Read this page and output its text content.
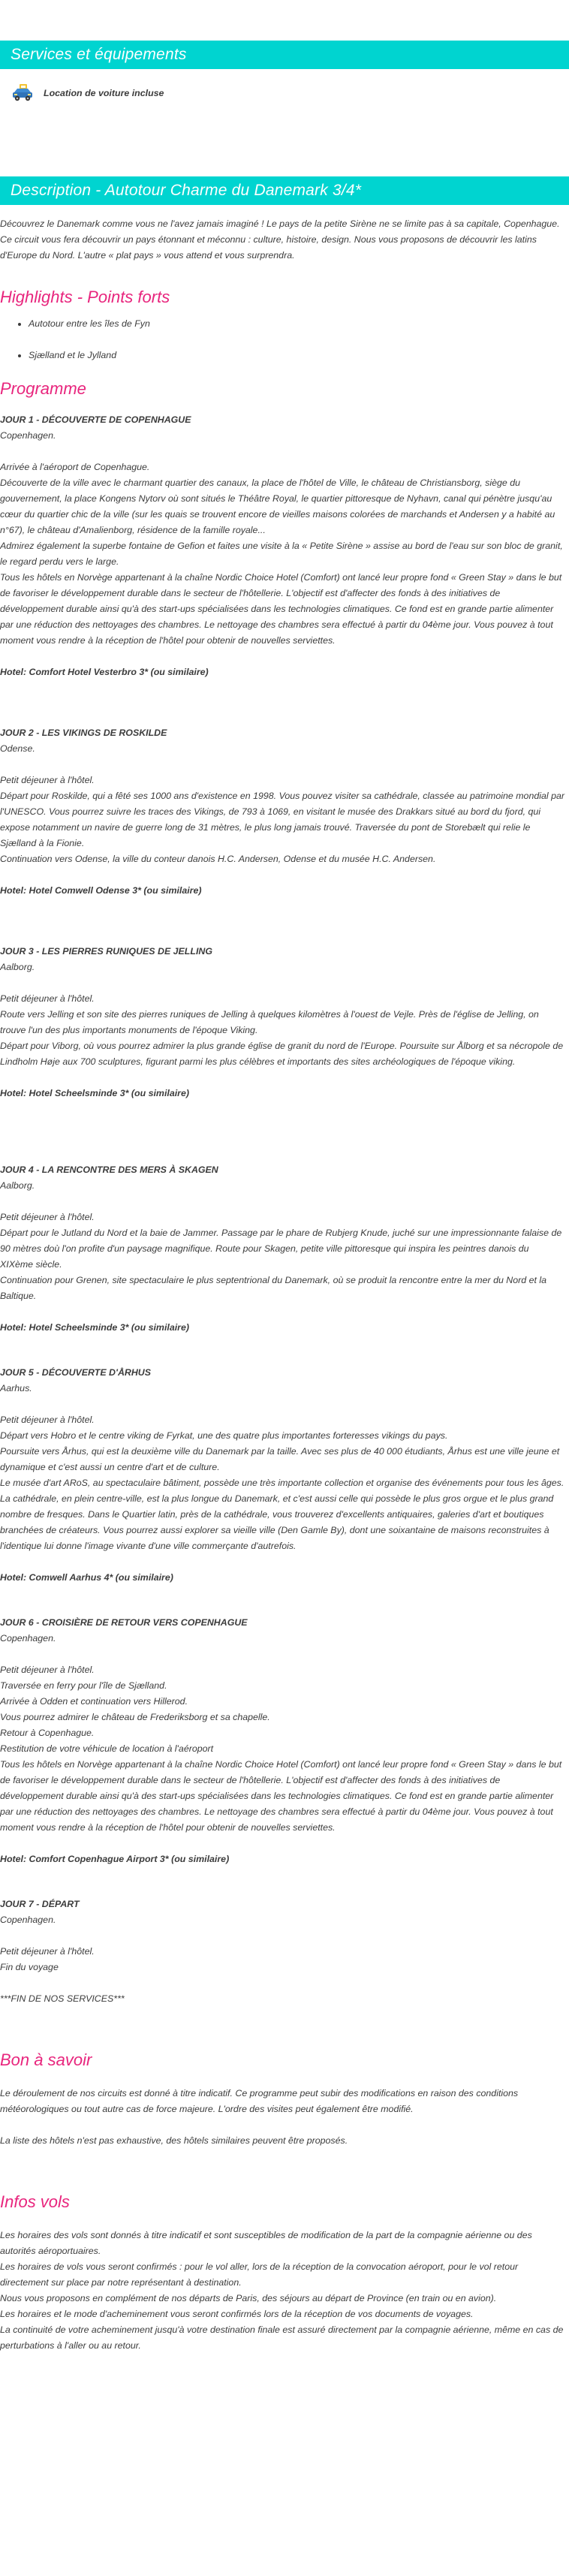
Services et équipements
Location de voiture incluse
Description - Autotour Charme du Danemark 3/4*

Découvrez le Danemark comme vous ne l'avez jamais imaginé ! Le pays de la petite Sirène ne se limite pas à sa capitale, Copenhague. Ce circuit vous fera découvrir un pays étonnant et méconnu : culture, histoire, design. Nous vous proposons de découvrir les latins d'Europe du Nord. L'autre « plat pays » vous attend et vous surprendra.

Highlights - Points forts
• Autotour entre les îles de Fyn
• Sjælland et le Jylland
Programme

JOUR 1 - DÉCOUVERTE DE COPENHAGUE

Copenhagen.

Arrivée à l'aéroport de Copenhague.

Découverte de la ville avec le charmant quartier des canaux, la place de l'hôtel de Ville, le château de Christiansborg, siège du gouvernement, la place Kongens Nytorv où sont situés le Théâtre Royal, le quartier pittoresque de Nyhavn, canal qui pénètre jusqu'au cœur du quartier chic de la ville (sur les quais se trouvent encore de vieilles maisons colorées de marchands et Andersen y a habité au n°67), le château d'Amalienborg, résidence de la famille royale...

Admirez également la superbe fontaine de Gefion et faites une visite à la « Petite Sirène » assise au bord de l'eau sur son bloc de granit, le regard perdu vers le large.

Tous les hôtels en Norvège appartenant à la chaîne Nordic Choice Hotel (Comfort) ont lancé leur propre fond « Green Stay » dans le but de favoriser le développement durable dans le secteur de l'hôtellerie. L'objectif est d'affecter des fonds à des initiatives de développement durable ainsi qu'à des start-ups spécialisées dans les technologies climatiques. Ce fond est en grande partie alimenter par une réduction des nettoyages des chambres. Le nettoyage des chambres sera effectué à partir du 04ème jour. Vous pouvez à tout moment vous rendre à la réception de l'hôtel pour obtenir de nouvelles serviettes.

Hotel: Comfort Hotel Vesterbro 3* (ou similaire)

JOUR 2 - LES VIKINGS DE ROSKILDE

Odense.

Petit déjeuner à l'hôtel.

Départ pour Roskilde, qui a fêté ses 1000 ans d'existence en 1998. Vous pouvez visiter sa cathédrale, classée au patrimoine mondial par l'UNESCO. Vous pourrez suivre les traces des Vikings, de 793 à 1069, en visitant le musée des Drakkars situé au bord du fjord, qui expose notamment un navire de guerre long de 31 mètres, le plus long jamais trouvé. Traversée du pont de Storebælt qui relie le Sjælland à la Fionie.

Continuation vers Odense, la ville du conteur danois H.C. Andersen, Odense et du musée H.C. Andersen.

Hotel: Hotel Comwell Odense 3* (ou similaire)

JOUR 3 - LES PIERRES RUNIQUES DE JELLING

Aalborg.

Petit déjeuner à l'hôtel.

Route vers Jelling et son site des pierres runiques de Jelling à quelques kilomètres à l'ouest de Vejle. Près de l'église de Jelling, on trouve l'un des plus importants monuments de l'époque Viking.

Départ pour Viborg, où vous pourrez admirer la plus grande église de granit du nord de l'Europe. Poursuite sur Ålborg et sa nécropole de Lindholm Høje aux 700 sculptures, figurant parmi les plus célèbres et importants des sites archéologiques de l'époque viking.

Hotel: Hotel Scheelsminde 3* (ou similaire)

JOUR 4 - LA RENCONTRE DES MERS À SKAGEN

Aalborg.

Petit déjeuner à l'hôtel.

Départ pour le Jutland du Nord et la baie de Jammer. Passage par le phare de Rubjerg Knude, juché sur une impressionnante falaise de 90 mètres doù l'on profite d'un paysage magnifique. Route pour Skagen, petite ville pittoresque qui inspira les peintres danois du XIXème siècle.

Continuation pour Grenen, site spectaculaire le plus septentrional du Danemark, où se produit la rencontre entre la mer du Nord et la Baltique.

Hotel: Hotel Scheelsminde 3* (ou similaire)

JOUR 5 - DÉCOUVERTE D'ÅRHUS

Aarhus.

Petit déjeuner à l'hôtel.

Départ vers Hobro et le centre viking de Fyrkat, une des quatre plus importantes forteresses vikings du pays.

Poursuite vers Århus, qui est la deuxième ville du Danemark par la taille. Avec ses plus de 40 000 étudiants, Århus est une ville jeune et dynamique et c'est aussi un centre d'art et de culture.

Le musée d'art ARoS, au spectaculaire bâtiment, possède une très importante collection et organise des événements pour tous les âges. La cathédrale, en plein centre-ville, est la plus longue du Danemark, et c'est aussi celle qui possède le plus gros orgue et le plus grand nombre de fresques. Dans le Quartier latin, près de la cathédrale, vous trouverez d'excellents antiquaires, galeries d'art et boutiques branchées de créateurs. Vous pourrez aussi explorer sa vieille ville (Den Gamle By), dont une soixantaine de maisons reconstruites à l'identique lui donne l'image vivante d'une ville commerçante d'autrefois.

Hotel: Comwell Aarhus 4* (ou similaire)

JOUR 6 - CROISIÈRE DE RETOUR VERS COPENHAGUE

Copenhagen.

Petit déjeuner à l'hôtel.

Traversée en ferry pour l'île de Sjælland.

Arrivée à Odden et continuation vers Hillerod.

Vous pourrez admirer le château de Frederiksborg et sa chapelle.

Retour à Copenhague.

Restitution de votre véhicule de location à l'aéroport

Tous les hôtels en Norvège appartenant à la chaîne Nordic Choice Hotel (Comfort) ont lancé leur propre fond « Green Stay » dans le but de favoriser le développement durable dans le secteur de l'hôtellerie. L'objectif est d'affecter des fonds à des initiatives de développement durable ainsi qu'à des start-ups spécialisées dans les technologies climatiques. Ce fond est en grande partie alimenter par une réduction des nettoyages des chambres. Le nettoyage des chambres sera effectué à partir du 04ème jour. Vous pouvez à tout moment vous rendre à la réception de l'hôtel pour obtenir de nouvelles serviettes.

Hotel: Comfort Copenhague Airport 3* (ou similaire)

JOUR 7 - DÉPART

Copenhagen.

Petit déjeuner à l'hôtel.

Fin du voyage

***FIN DE NOS SERVICES***

Bon à savoir

Le déroulement de nos circuits est donné à titre indicatif. Ce programme peut subir des modifications en raison des conditions météorologiques ou tout autre cas de force majeure. L'ordre des visites peut également être modifié.

La liste des hôtels n'est pas exhaustive, des hôtels similaires peuvent être proposés.

Infos vols

Les horaires des vols sont donnés à titre indicatif et sont susceptibles de modification de la part de la compagnie aérienne ou des autorités aéroportuaires.

Les horaires de vols vous seront confirmés : pour le vol aller, lors de la réception de la convocation aéroport, pour le vol retour directement sur place par notre représentant à destination.

Nous vous proposons en complément de nos départs de Paris, des séjours au départ de Province (en train ou en avion).

Les horaires et le mode d'acheminement vous seront confirmés lors de la réception de vos documents de voyages.

La continuité de votre acheminement jusqu'à votre destination finale est assuré directement par la compagnie aérienne, même en cas de perturbations à l'aller ou au retour.
